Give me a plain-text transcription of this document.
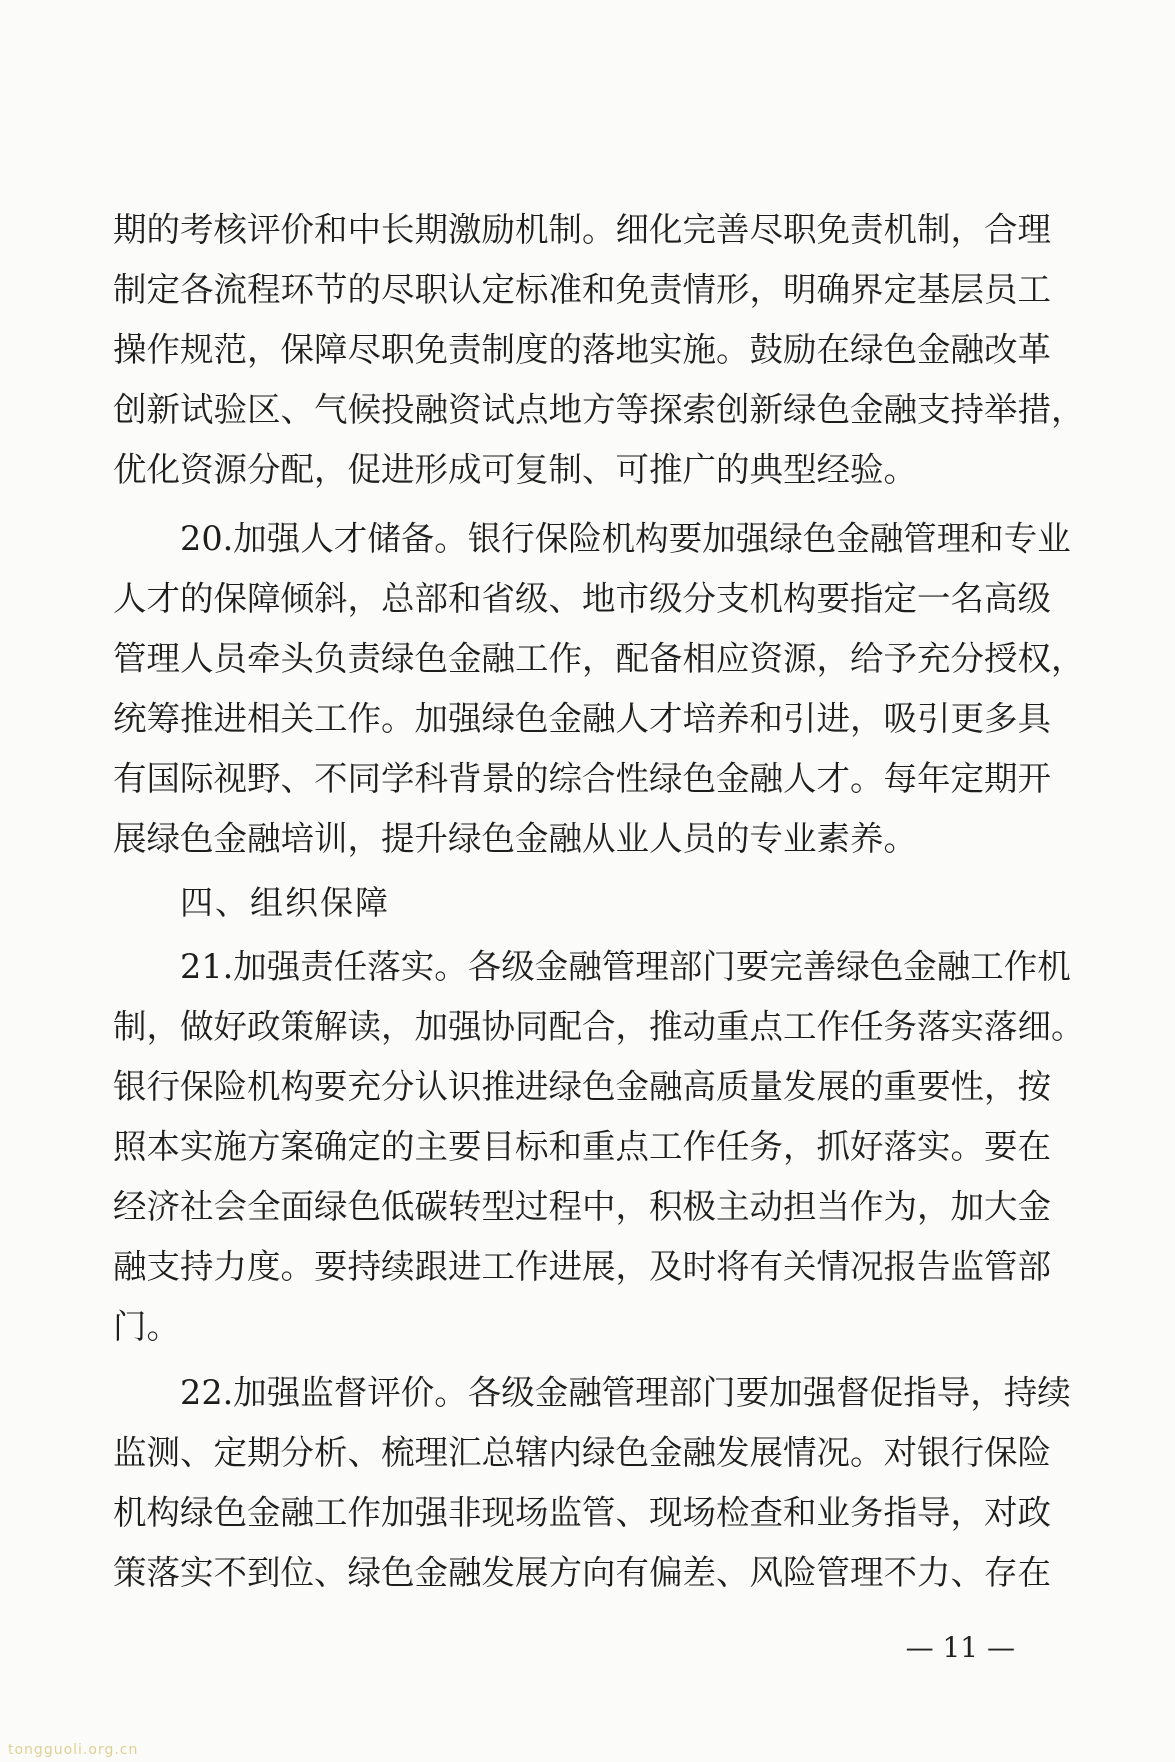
期的考核评价和中长期激励机制。细化完善尽职免责机制，合理
制定各流程环节的尽职认定标准和免责情形，明确界定基层员工
操作规范，保障尽职免责制度的落地实施。鼓励在绿色金融改革
创新试验区、气候投融资试点地方等探索创新绿色金融支持举措，
优化资源分配，促进形成可复制、可推广的典型经验。
20.加强人才储备。银行保险机构要加强绿色金融管理和专业
人才的保障倾斜，总部和省级、地市级分支机构要指定一名高级
管理人员牵头负责绿色金融工作，配备相应资源，给予充分授权，
统筹推进相关工作。加强绿色金融人才培养和引进，吸引更多具
有国际视野、不同学科背景的综合性绿色金融人才。每年定期开
展绿色金融培训，提升绿色金融从业人员的专业素养。
四、组织保障
21.加强责任落实。各级金融管理部门要完善绿色金融工作机
制，做好政策解读，加强协同配合，推动重点工作任务落实落细。
银行保险机构要充分认识推进绿色金融高质量发展的重要性，按
照本实施方案确定的主要目标和重点工作任务，抓好落实。要在
经济社会全面绿色低碳转型过程中，积极主动担当作为，加大金
融支持力度。要持续跟进工作进展，及时将有关情况报告监管部
门。
22.加强监督评价。各级金融管理部门要加强督促指导，持续
监测、定期分析、梳理汇总辖内绿色金融发展情况。对银行保险
机构绿色金融工作加强非现场监管、现场检查和业务指导，对政
策落实不到位、绿色金融发展方向有偏差、风险管理不力、存在
— 11 —
tongguoli.org.cn
